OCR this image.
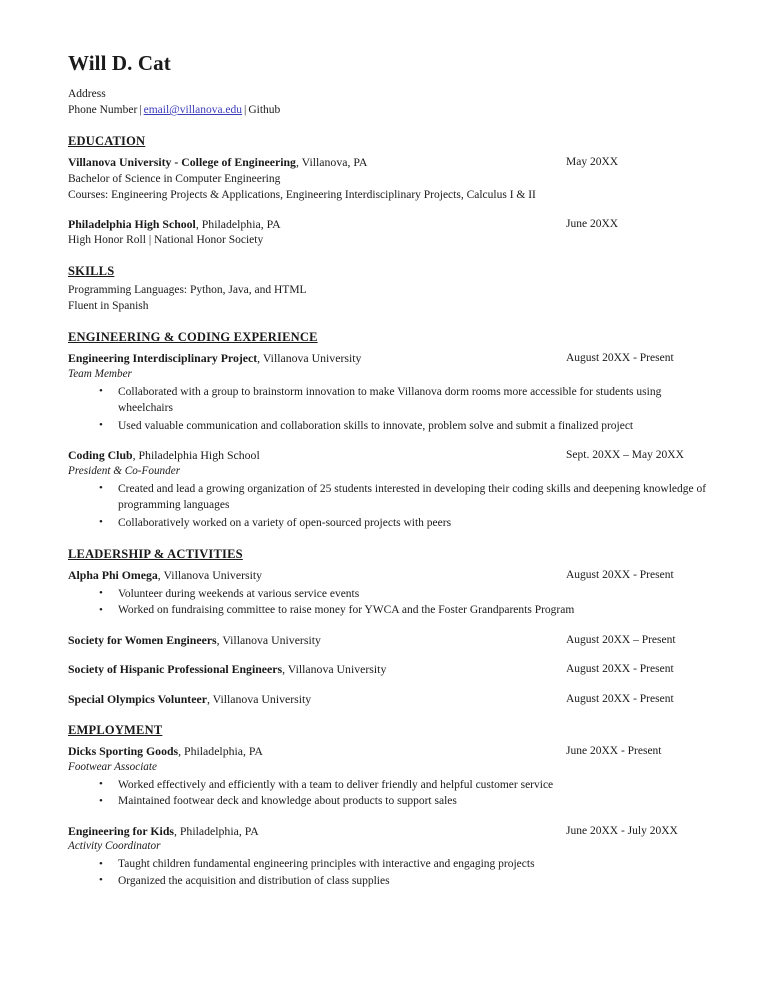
Will D. Cat

Address

Phone Number | email@villanova.edu | Github

EDUCATION
Villanova University - College of Engineering, Villanova, PA	May 20XX

Bachelor of Science in Computer Engineering

Courses: Engineering Projects & Applications, Engineering Interdisciplinary Projects, Calculus I & II

Philadelphia High School, Philadelphia, PA	June 20XX

High Honor Roll | National Honor Society

SKILLS

Programming Languages: Python, Java, and HTML

Fluent in Spanish

ENGINEERING & CODING EXPERIENCE
Engineering Interdisciplinary Project, Villanova University	August 20XX - Present

Team Member

• Collaborated with a group to brainstorm innovation to make Villanova dorm rooms more accessible for students using wheelchairs
• Used valuable communication and collaboration skills to innovate, problem solve and submit a finalized project
Coding Club, Philadelphia High School	Sept. 20XX – May 20XX

President & Co-Founder

• Created and lead a growing organization of 25 students interested in developing their coding skills and deepening knowledge of programming languages
• Collaboratively worked on a variety of open-sourced projects with peers
LEADERSHIP & ACTIVITIES
Alpha Phi Omega, Villanova University	August 20XX - Present
• Volunteer during weekends at various service events
• Worked on fundraising committee to raise money for YWCA and the Foster Grandparents Program
Society for Women Engineers, Villanova University	August 20XX – Present
Society of Hispanic Professional Engineers, Villanova University	August 20XX - Present
Special Olympics Volunteer, Villanova University	August 20XX - Present
EMPLOYMENT
Dicks Sporting Goods, Philadelphia, PA	June 20XX - Present

Footwear Associate

• Worked effectively and efficiently with a team to deliver friendly and helpful customer service
• Maintained footwear deck and knowledge about products to support sales
Engineering for Kids, Philadelphia, PA	June 20XX - July 20XX

Activity Coordinator

• Taught children fundamental engineering principles with interactive and engaging projects
• Organized the acquisition and distribution of class supplies
